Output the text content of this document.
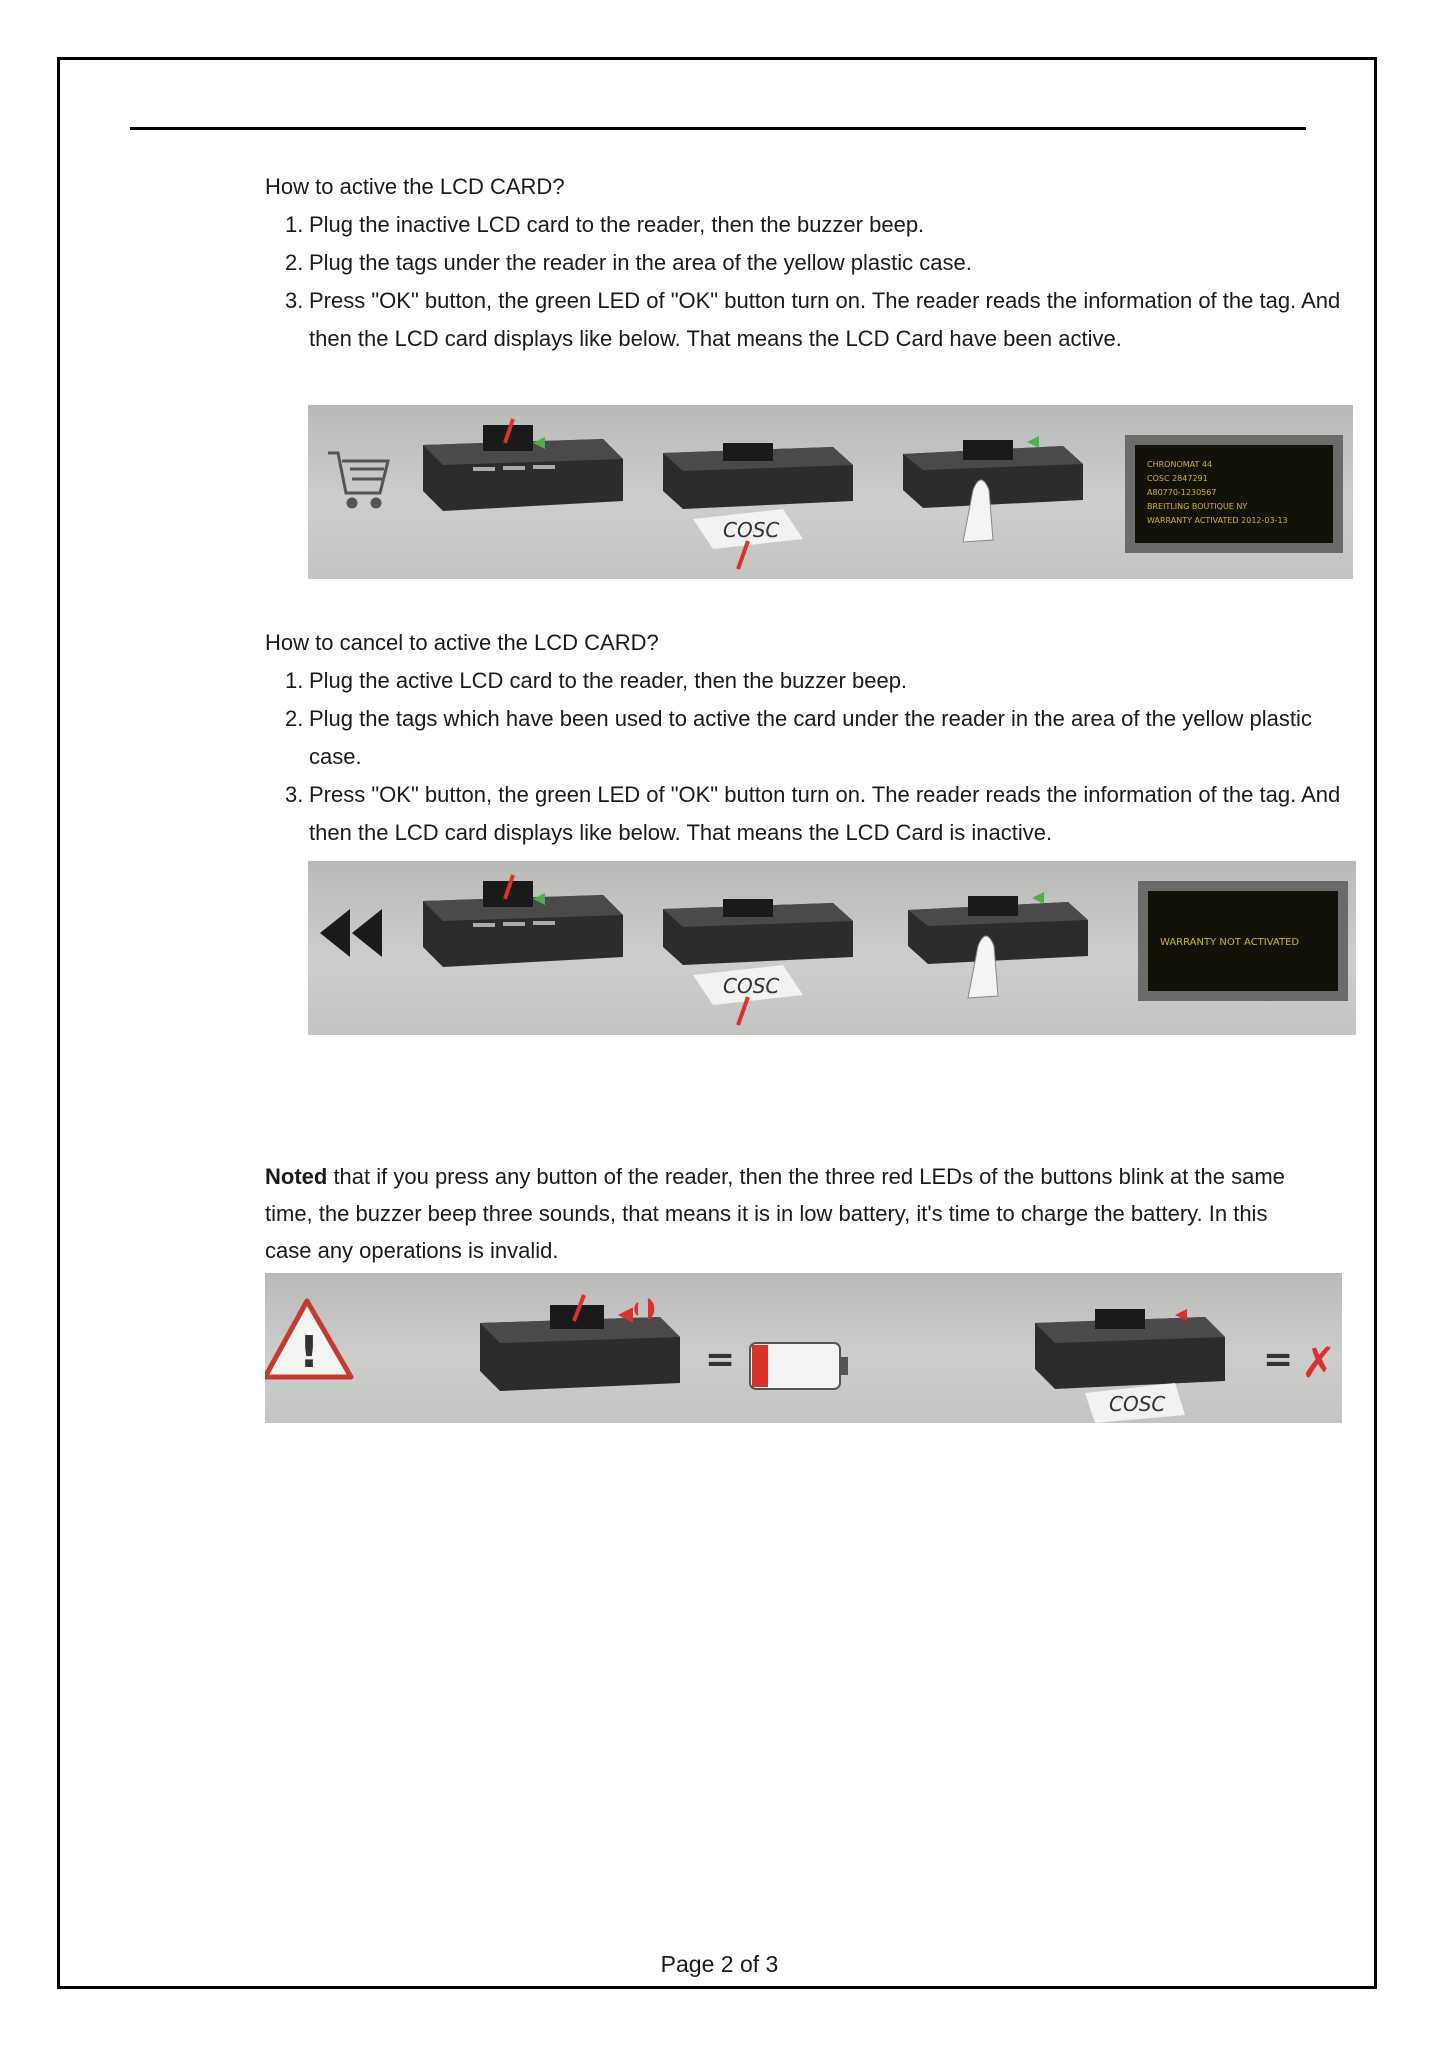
How to active the LCD CARD?
1. Plug the inactive LCD card to the reader, then the buzzer beep.
2. Plug the tags under the reader in the area of the yellow plastic case.
3. Press "OK" button, the green LED of "OK" button turn on. The reader reads the information of the tag. And then the LCD card displays like below. That means the LCD Card have been active.
COSC
CHRONOMAT 44
COSC 2847291
A80770-1230567
BREITLING BOUTIQUE NY
WARRANTY ACTIVATED 2012-03-13
How to cancel to active the LCD CARD?
1. Plug the active LCD card to the reader, then the buzzer beep.
2. Plug the tags which have been used to active the card under the reader in the area of the yellow plastic case.
3. Press "OK" button, the green LED of "OK" button turn on. The reader reads the information of the tag. And then the LCD card displays like below. That means the LCD Card is inactive.
COSC
WARRANTY NOT ACTIVATED
Noted that if you press any button of the reader, then the three red LEDs of the buttons blink at the same time, the buzzer beep three sounds, that means it is in low battery, it's time to charge the battery. In this case any operations is invalid.
!	=
COSC
= ✗
Page 2 of 3
